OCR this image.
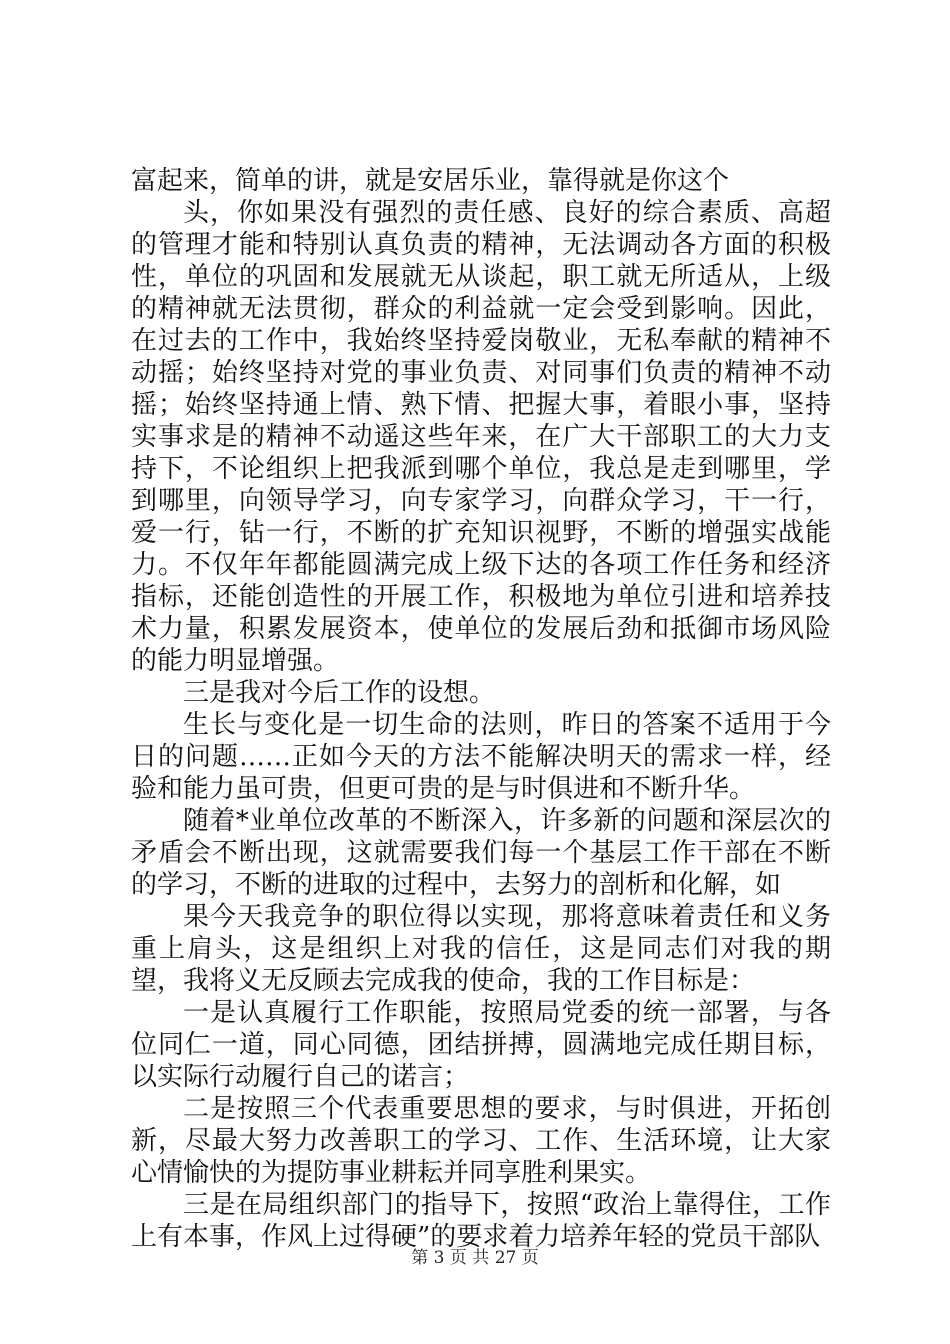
富起来，简单的讲，就是安居乐业，靠得就是你这个

头，你如果没有强烈的责任感、良好的综合素质、高超的管理才能和特别认真负责的精神，无法调动各方面的积极性，单位的巩固和发展就无从谈起，职工就无所适从，上级的精神就无法贯彻，群众的利益就一定会受到影响。因此，在过去的工作中，我始终坚持爱岗敬业，无私奉献的精神不动摇；始终坚持对党的事业负责、对同事们负责的精神不动摇；始终坚持通上情、熟下情、把握大事，着眼小事，坚持实事求是的精神不动遥这些年来，在广大干部职工的大力支持下，不论组织上把我派到哪个单位，我总是走到哪里，学到哪里，向领导学习，向专家学习，向群众学习，干一行，爱一行，钻一行，不断的扩充知识视野，不断的增强实战能力。不仅年年都能圆满完成上级下达的各项工作任务和经济指标，还能创造性的开展工作，积极地为单位引进和培养技术力量，积累发展资本，使单位的发展后劲和抵御市场风险的能力明显增强。

三是我对今后工作的设想。

生长与变化是一切生命的法则，昨日的答案不适用于今日的问题……正如今天的方法不能解决明天的需求一样，经验和能力虽可贵，但更可贵的是与时俱进和不断升华。

随着*业单位改革的不断深入，许多新的问题和深层次的矛盾会不断出现，这就需要我们每一个基层工作干部在不断的学习，不断的进取的过程中，去努力的剖析和化解，如

果今天我竞争的职位得以实现，那将意味着责任和义务重上肩头，这是组织上对我的信任，这是同志们对我的期望，我将义无反顾去完成我的使命，我的工作目标是：

一是认真履行工作职能，按照局党委的统一部署，与各位同仁一道，同心同德，团结拼搏，圆满地完成任期目标，以实际行动履行自己的诺言；

二是按照三个代表重要思想的要求，与时俱进，开拓创新，尽最大努力改善职工的学习、工作、生活环境，让大家心情愉快的为提防事业耕耘并同享胜利果实。

三是在局组织部门的指导下，按照“政治上靠得住，工作上有本事，作风上过得硬”的要求着力培养年轻的党员干部队

第 3 页 共 27 页
